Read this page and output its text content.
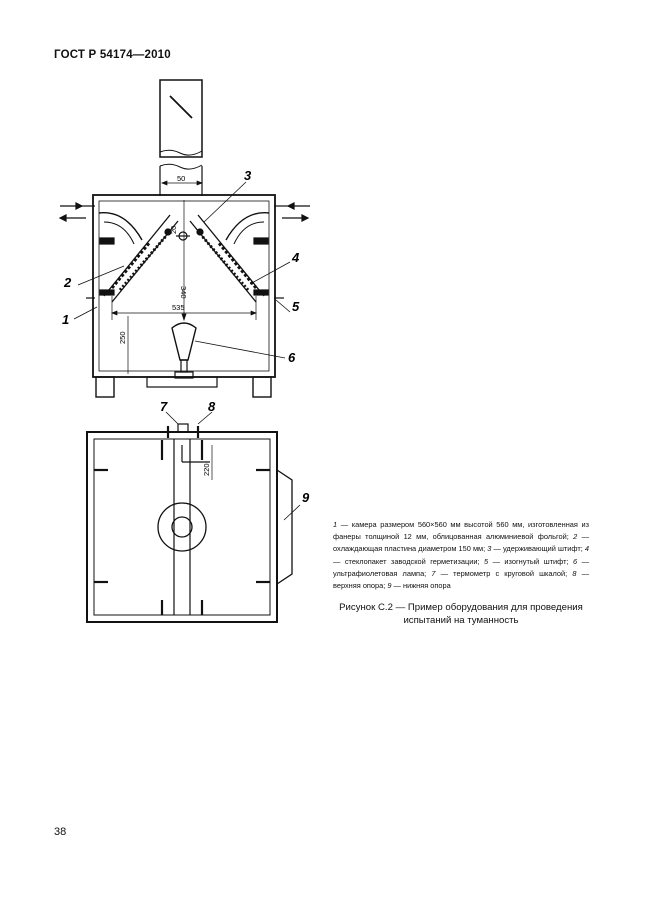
ГОСТ Р 54174—2010
3
2
4
5
1
6
7	8
9
50
20
340
535
250
220
1 — камера размером 560×560 мм высотой 560 мм, изготовленная из фанеры толщиной 12 мм, облицованная алюминиевой фольгой; 2 — охлаждающая пластина диаметром 150 мм; 3 — удерживающий штифт; 4 — стеклопакет заводской герметизации; 5 — изогнутый штифт; 6 — ультрафиолетовая лампа; 7 — термометр с круговой шкалой; 8 — верхняя опора; 9 — нижняя опора
Рисунок С.2 — Пример оборудования для проведения испытаний на туманность
38
